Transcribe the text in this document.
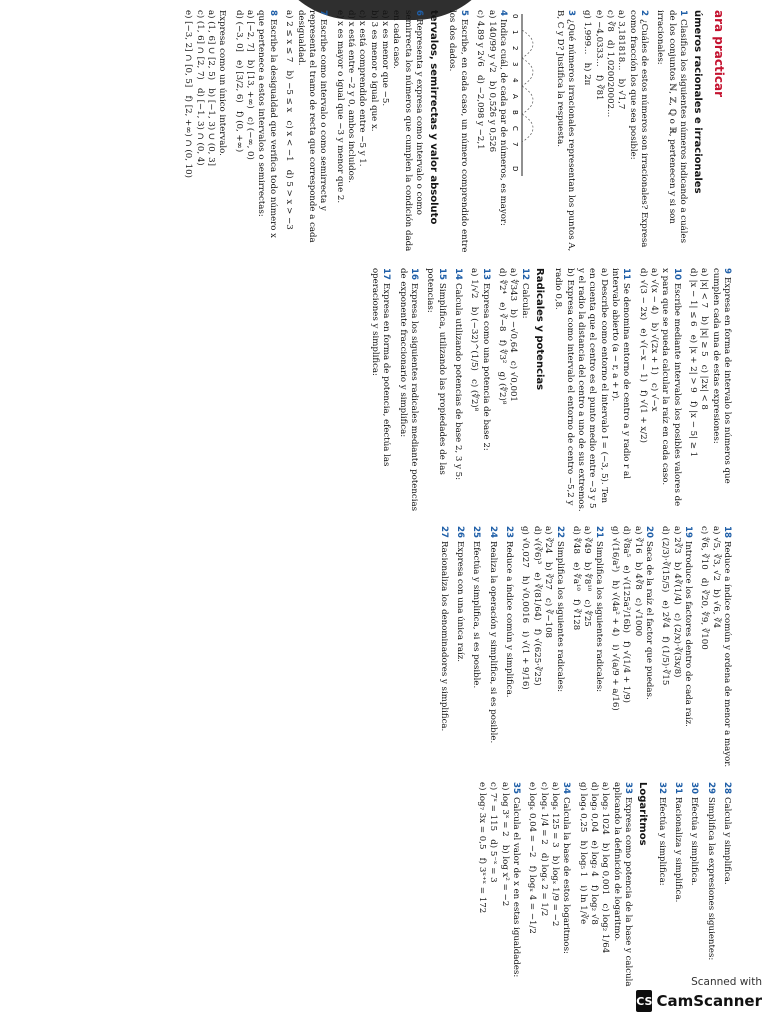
ara practicar
úmeros racionales e irracionales
1Clasifica los siguientes números indicando a cuáles de los conjuntos ℕ, ℤ, ℚ o ℝ, pertenecen y si son irracionales:
2¿Cuáles de estos números son irracionales? Expresa como fracción los que sea posible:
a) 3,181818...   b) √1,7
c) ∛8   d) 1,020020002...
e) −4,0333...   f) ∛81
g) 1,999...   h) 2π
3¿Qué números irracionales representan los puntos A, B, C y D? Justifica la respuesta.
0
1
2
3
4
A
B
C
7
D
4Indica cuál, de cada par de números, es mayor:
a) 140/99 y √2   b) 0,52̂6 y 0,526
c) 4,89 y 2√6   d) −2,098 y −2,1
5Escribe, en cada caso, un número comprendido entre los dos dados.
tervalos, semirrectas y valor absoluto
6Representa y expresa como intervalo o como semirrecta los números que cumplen la condición dada en cada caso.
a) x es menor que −5.
b) 3 es menor o igual que x.
c) x está comprendido entre −5 y 1.
d) x está entre −2 y 0, ambos incluidos.
e) x es mayor o igual que −3 y menor que 2.
7Escribe como intervalo o como semirrecta y representa el tramo de recta que corresponde a cada desigualdad.
a) 2 ≤ x ≤ 7   b) −5 ≤ x   c) x < −1   d) 5 > x > −3
8Escribe la desigualdad que verifica todo número x que pertenece a estos intervalos o semirrectas:
a) [−2, 7]   b) [13, +∞)   c) (−∞, 0)
d) (−3, 0]   e) [3/2, 6)   f) (0, +∞)
Expresa como un único intervalo.
a) (1, 6] ∪ [2, 5)   b) [−1, 3) ∪ (0, 3]
c) (1, 6] ∩ [2, 7)   d) [−1, 3) ∩ (0, 4)
e) [−3, 2] ∩ [0, 5]   f) [2, +∞) ∩ (0, 10)
9Expresa en forma de intervalo los números que cumplen cada una de estas expresiones:
a) |x| < 7   b) |x| ≥ 5   c) |2x| < 8
d) |x − 1| ≤ 6   e) |x + 2| > 9   f) |x − 5| ≥ 1
10Escribe mediante intervalos los posibles valores de x para que se pueda calcular la raíz en cada caso.
a) √(x − 4)   b) √(2x + 1)   c) √−x
d) √(3 − 2x)   e) √(−x − 1)   f) √(1 + x/2)
11Se denomina entorno de centro a y radio r al intervalo abierto (a − r, a + r).
a) Describe como entorno el intervalo I = (−3, 5). Ten en cuenta que el centro es el punto medio entre −3 y 5 y el radio la distancia del centro a uno de sus extremos.
b) Expresa como intervalo el entorno de centro −5,2 y radio 0,8.
Radicales y potencias
12Calcula:
a) ∜343   b) −√0,64   c) √0,001
d) ∜2⁴   e) ∛−8   f) ∜3²   g) (∜2)⁸
13Expresa como una potencia de base 2:
a) 1/√2   b) (−32)^(1/5)   c) (∜2)⁸
14Calcula utilizando potencias de base 2, 3 y 5:
15Simplifica, utilizando las propiedades de las potencias:
16Expresa los siguientes radicales mediante potencias de exponente fraccionario y simplifica:
17Expresa en forma de potencia, efectúa las operaciones y simplifica:
18Reduce a índice común y ordena de menor a mayor.
a) √5, ∛3, √2   b) √6, ∛4
c) ∜6, ∛10   d) ∛20, ∜9, ∛100
19Introduce los factores dentro de cada raíz.
a) 2∛3   b) 4∛(1/4)   c) (2/x)·∛(3x/8)
d) (2/3)·∛(15/5)   e) 2∜4   f) (1/5)·∛15
20Saca de la raíz el factor que puedas.
a) ∛16   b) 4∛8   c) √1000
d) ∛8a⁵   e) √(125a²/16b)   f) √(1/4 + 1/9)
g) √(16/a³)   h) √(4a² + 4)   i) √(a/9 + a/16)
21Simplifica los siguientes radicales:
a) ∛49   b) ∜8¹⁰   c) ∜25
d) ∜48   e) ∜a¹⁰   f) ∛128
22Simplifica los siguientes radicales:
a) ∛24   b) ∛27   c) ∛−108
d) √(∛6)³   e) ∛(81/64)   f) √(625·∛25)
g) √0,027   h) √0,0016   i) √(1 + 9/16)
23Reduce a índice común y simplifica.
24Realiza la operación y simplifica, si es posible.
25Efectúa y simplifica, si es posible.
26Expresa con una única raíz.
27Racionaliza los denominadores y simplifica.
28Calcula y simplifica.
29Simplifica las expresiones siguientes:
30Efectúa y simplifica.
31Racionaliza y simplifica.
32Efectúa y simplifica:
Logaritmos
33Expresa como potencia de la base y calcula aplicando la definición de logaritmo.
a) log₂ 1024   b) log 0,001   c) log₂ 1/64
d) log₃ 0,04   e) log₂ 4   f) log₂ √8
g) log₄ 0,25   h) log₅ 1   i) ln 1/∛e
34Calcula la base de estos logaritmos:
a) logₓ 125 = 3   b) logₓ 1/9 = −2
c) logₓ 1/4 = 2   d) logₓ 2 = 1/2
e) logₓ 0,04 = −2   f) logₓ 4 = −1/2
35Calcula el valor de x en estas igualdades:
a) log 3ˣ = 2   b) log x² = −2
c) 7ˣ = 115   d) 5⁻ˣ = 3
e) log₇ 3x = 0,5   f) 3ˣ⁺ˣ = 172
Scanned with
CS CamScanner
